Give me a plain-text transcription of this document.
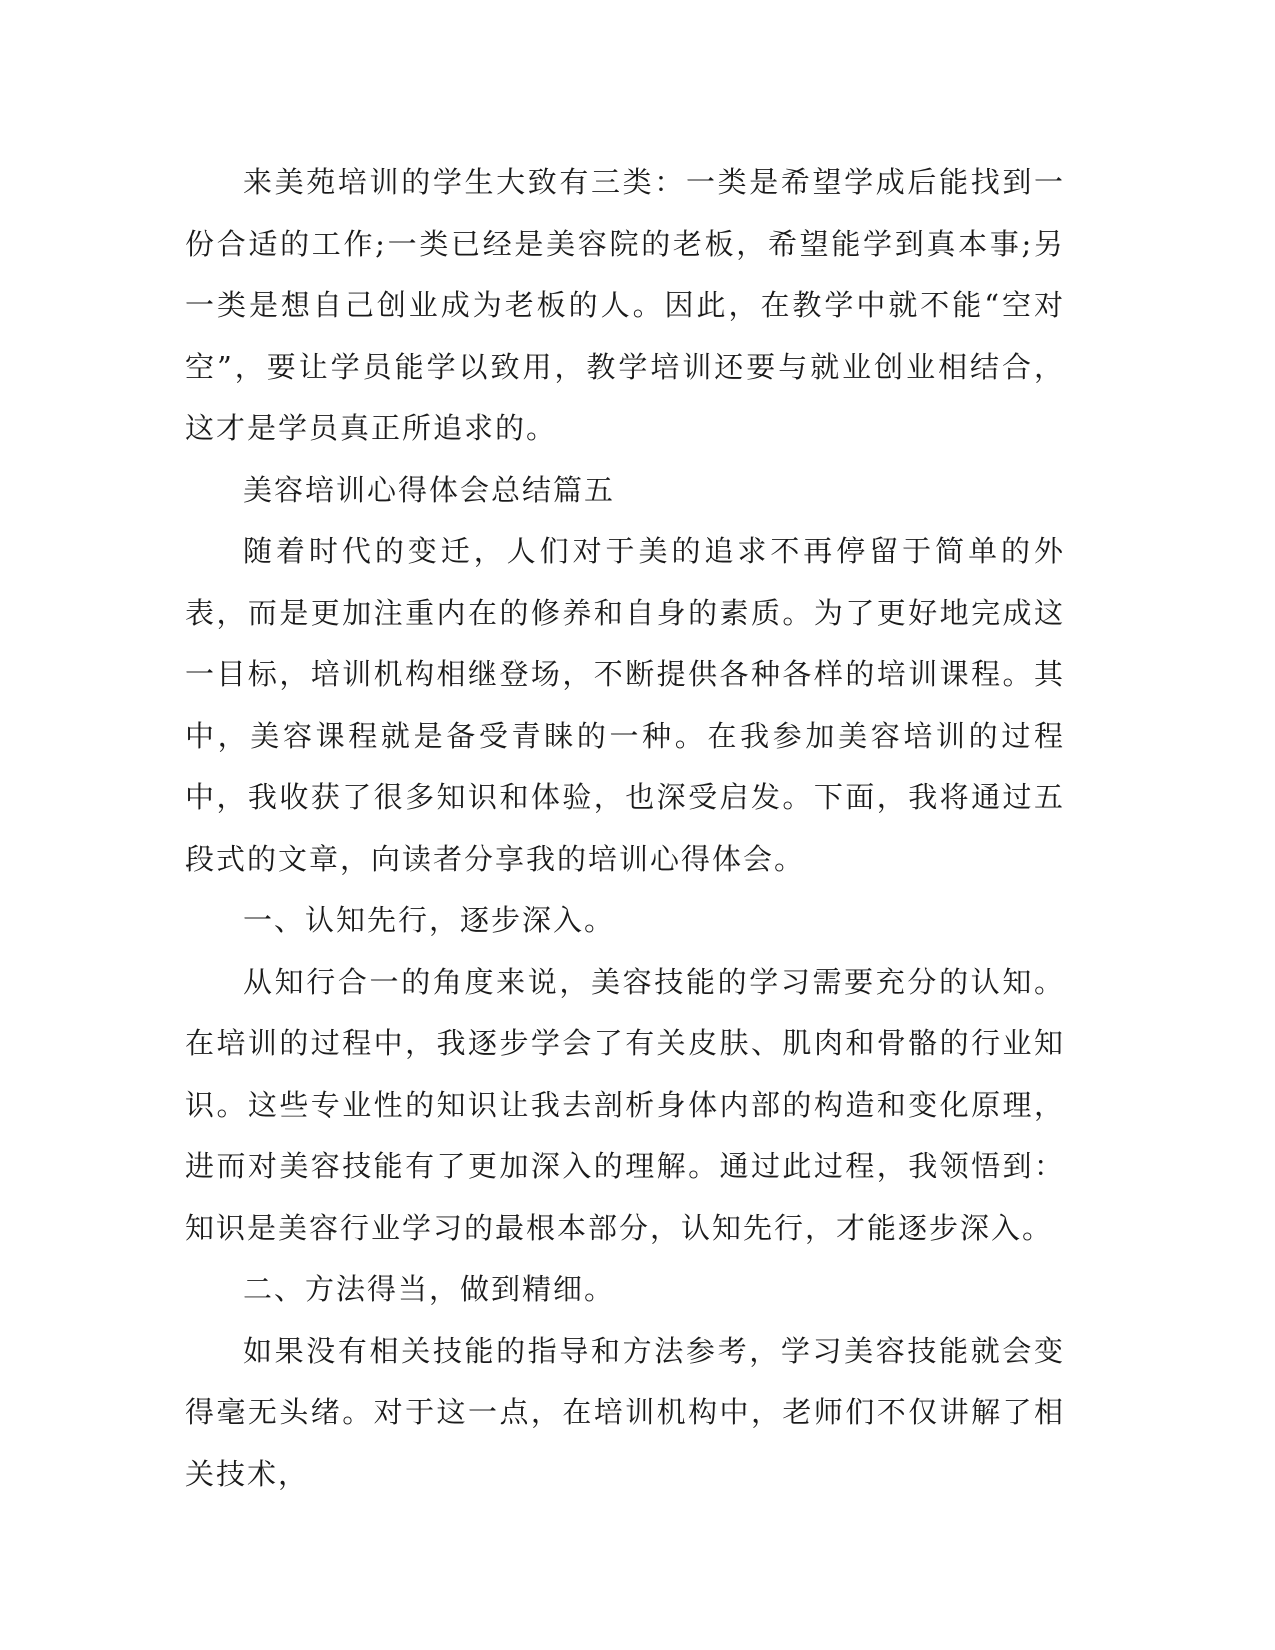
来美苑培训的学生大致有三类：一类是希望学成后能找到一份合适的工作;一类已经是美容院的老板，希望能学到真本事;另一类是想自己创业成为老板的人。因此，在教学中就不能“空对空”，要让学员能学以致用，教学培训还要与就业创业相结合，这才是学员真正所追求的。

美容培训心得体会总结篇五

随着时代的变迁，人们对于美的追求不再停留于简单的外表，而是更加注重内在的修养和自身的素质。为了更好地完成这一目标，培训机构相继登场，不断提供各种各样的培训课程。其中，美容课程就是备受青睐的一种。在我参加美容培训的过程中，我收获了很多知识和体验，也深受启发。下面，我将通过五段式的文章，向读者分享我的培训心得体会。

一、认知先行，逐步深入。

从知行合一的角度来说，美容技能的学习需要充分的认知。在培训的过程中，我逐步学会了有关皮肤、肌肉和骨骼的行业知识。这些专业性的知识让我去剖析身体内部的构造和变化原理，进而对美容技能有了更加深入的理解。通过此过程，我领悟到：知识是美容行业学习的最根本部分，认知先行，才能逐步深入。

二、方法得当，做到精细。

如果没有相关技能的指导和方法参考，学习美容技能就会变得毫无头绪。对于这一点，在培训机构中，老师们不仅讲解了相关技术，
